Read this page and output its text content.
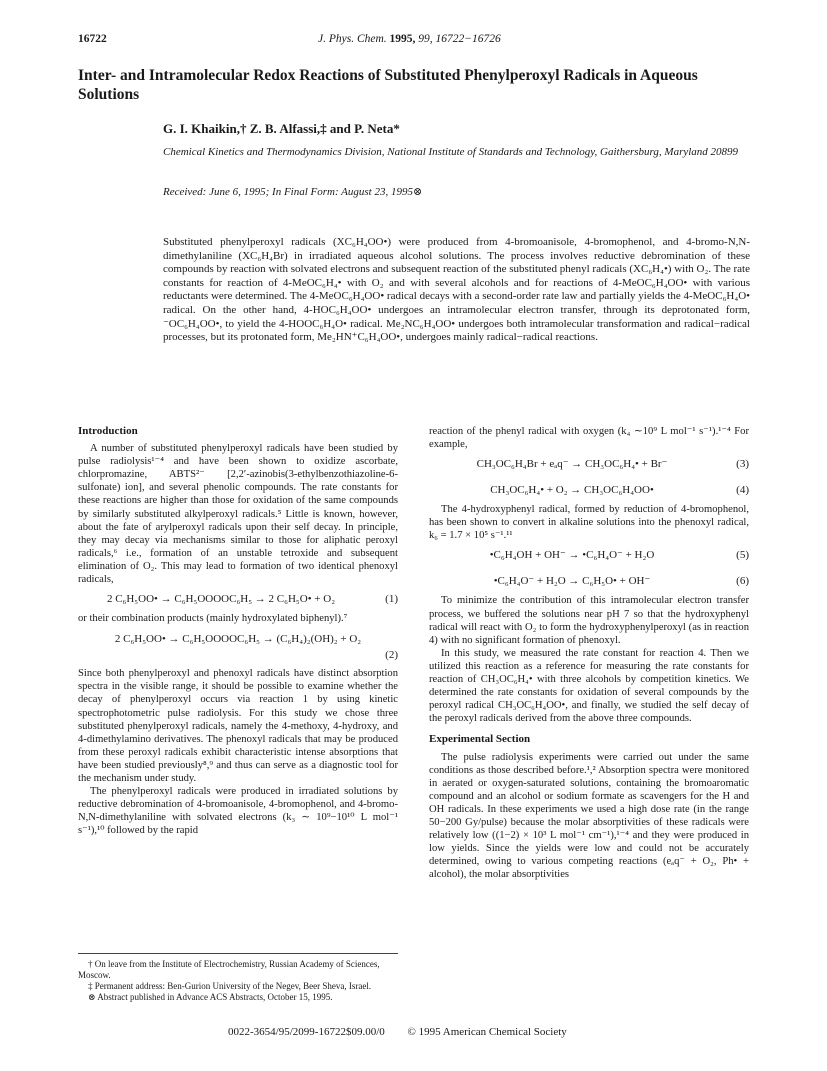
16722	J. Phys. Chem. 1995, 99, 16722−16726
Inter- and Intramolecular Redox Reactions of Substituted Phenylperoxyl Radicals in Aqueous Solutions
G. I. Khaikin,† Z. B. Alfassi,‡ and P. Neta*
Chemical Kinetics and Thermodynamics Division, National Institute of Standards and Technology, Gaithersburg, Maryland 20899
Received: June 6, 1995; In Final Form: August 23, 1995⊗

Substituted phenylperoxyl radicals (XC₆H₄OO•) were produced from 4-bromoanisole, 4-bromophenol, and 4-bromo-N,N-dimethylaniline (XC₆H₄Br) in irradiated aqueous alcohol solutions. The process involves reductive debromination of these compounds by reaction with solvated electrons and subsequent reaction of the substituted phenyl radicals (XC₆H₄•) with O₂. The rate constants for reaction of 4-MeOC₆H₄• with O₂ and with several alcohols and for reactions of 4-MeOC₆H₄OO• with various reductants were determined. The 4-MeOC₆H₄OO• radical decays with a second-order rate law and partially yields the 4-MeOC₆H₄O• radical. On the other hand, 4-HOC₆H₄OO• undergoes an intramolecular electron transfer, through its deprotonated form, ⁻OC₆H₄OO•, to yield the 4-HOOC₆H₄O• radical. Me₂NC₆H₄OO• undergoes both intramolecular transformation and radical−radical processes, but its protonated form, Me₂HN⁺C₆H₄OO•, undergoes mainly radical−radical reactions.

Introduction

A number of substituted phenylperoxyl radicals have been studied by pulse radiolysis¹⁻⁴ and have been shown to oxidize ascorbate, chlorpromazine, ABTS²⁻ [2,2′-azinobis(3-ethylbenzothiazoline-6-sulfonate) ion], and several phenolic compounds. The rate constants for these reactions are higher than those for oxidation of the same compounds by similarly substituted alkylperoxyl radicals.⁵ Little is known, however, about the fate of arylperoxyl radicals upon their self decay. In principle, they may decay via mechanisms similar to those for aliphatic peroxyl radicals,⁶ i.e., formation of an unstable tetroxide and subsequent elimination of O₂. This may lead to formation of two identical phenoxyl radicals,

2 C₆H₅OO• → C₆H₅OOOOC₆H₅ → 2 C₆H₅O• + O₂	(1)

or their combination products (mainly hydroxylated biphenyl).⁷

2 C₆H₅OO• → C₆H₅OOOOC₆H₅ → (C₆H₄)₂(OH)₂ + O₂
(2)

Since both phenylperoxyl and phenoxyl radicals have distinct absorption spectra in the visible range, it should be possible to examine whether the decay of phenylperoxyl occurs via reaction 1 by using kinetic spectrophotometric pulse radiolysis. For this study we chose three substituted phenylperoxyl radicals, namely the 4-methoxy, 4-hydroxy, and 4-dimethylamino derivatives. The phenoxyl radicals that may be produced from these peroxyl radicals exhibit characteristic intense absorptions that have been studied previously⁸,⁹ and thus can serve as a diagnostic tool for the mechanism under study.

The phenylperoxyl radicals were produced in irradiated solutions by reductive debromination of 4-bromoanisole, 4-bromophenol, and 4-bromo-N,N-dimethylaniline with solvated electrons (k₃ ∼ 10⁹−10¹⁰ L mol⁻¹ s⁻¹),¹⁰ followed by the rapid

reaction of the phenyl radical with oxygen (k₄ ∼10⁹ L mol⁻¹ s⁻¹).¹⁻⁴ For example,

CH₃OC₆H₄Br + eₐq⁻ → CH₃OC₆H₄• + Br⁻	(3)
CH₃OC₆H₄• + O₂ → CH₃OC₆H₄OO•	(4)

The 4-hydroxyphenyl radical, formed by reduction of 4-bromophenol, has been shown to convert in alkaline solutions into the phenoxyl radical, k₆ = 1.7 × 10⁵ s⁻¹.¹¹

•C₆H₄OH + OH⁻ → •C₆H₄O⁻ + H₂O	(5)
•C₆H₄O⁻ + H₂O → C₆H₅O• + OH⁻	(6)

To minimize the contribution of this intramolecular electron transfer process, we buffered the solutions near pH 7 so that the hydroxyphenyl radical will react with O₂ to form the hydroxyphenylperoxyl (as in reaction 4) with no significant formation of phenoxyl.

In this study, we measured the rate constant for reaction 4. Then we utilized this reaction as a reference for measuring the rate constants for reaction of CH₃OC₆H₄• with three alcohols by competition kinetics. We determined the rate constants for oxidation of several compounds by the peroxyl radical CH₃OC₆H₄OO•, and finally, we studied the self decay of the peroxyl radicals derived from the above three compounds.

Experimental Section

The pulse radiolysis experiments were carried out under the same conditions as those described before.¹,² Absorption spectra were monitored in aerated or oxygen-saturated solutions, containing the bromoaromatic compound and an alcohol or sodium formate as scavengers for the H and OH radicals. In these experiments we used a high dose rate (in the range 50−200 Gy/pulse) because the molar absorptivities of these radicals were relatively low ((1−2) × 10³ L mol⁻¹ cm⁻¹),¹⁻⁴ and they were produced in low yields. Since the yields were low and could not be accurately determined, owing to various competing reactions (eₐq⁻ + O₂, Ph• + alcohol), the molar absorptivities

† On leave from the Institute of Electrochemistry, Russian Academy of Sciences, Moscow.
‡ Permanent address: Ben-Gurion University of the Negev, Beer Sheva, Israel.
⊗ Abstract published in Advance ACS Abstracts, October 15, 1995.
0022-3654/95/2099-16722$09.00/0 © 1995 American Chemical Society
